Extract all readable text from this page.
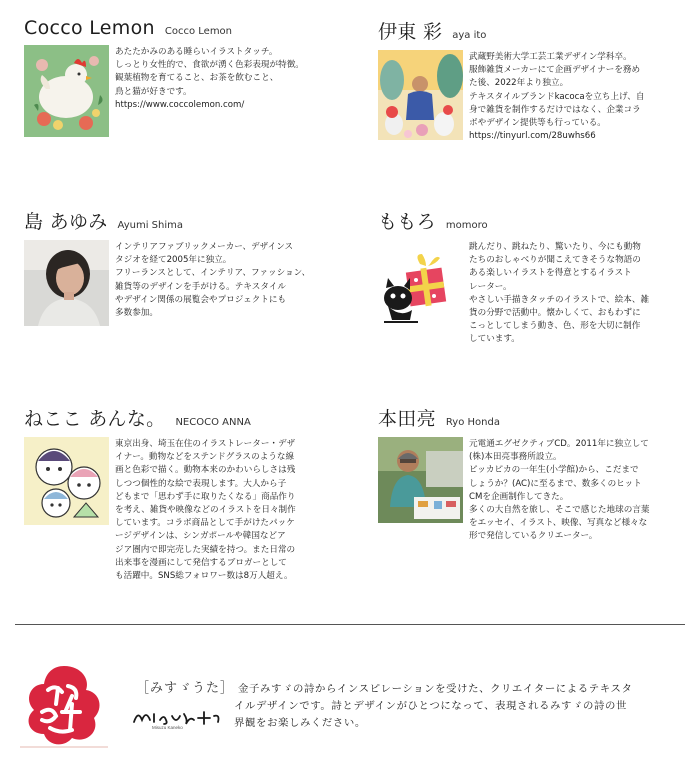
Cocco Lemon Cocco Lemon

あたたかみのある睡らいイラストタッチ。

しっとり女性的で、食欲が湧く色彩表現が特徴。

観葉植物を育てること、お茶を飲むこと、

鳥と猫が好きです。

https://www.coccolemon.com/

伊東 彩 aya ito

武蔵野美術大学工芸工業デザイン学科卒。

服飾雑貨メーカーにて企画デザイナーを務め

た後、2022年より独立。

テキスタイルブランドkacocaを立ち上げ、自

身で雑貨を制作するだけではなく、企業コラ

ボやデザイン提供等も行っている。

https://tinyurl.com/28uwhs66

島 あゆみ Ayumi Shima

インテリアファブリックメーカー、デザインス

タジオを経て2005年に独立。

フリーランスとして、インテリア、ファッション、

雑貨等のデザインを手がける。テキスタイル

やデザイン関係の展覧会やプロジェクトにも

多数参加。

ももろ momoro

跳んだり、跳ねたり、驚いたり、今にも動物

たちのおしゃべりが聞こえてきそうな物語の

ある楽しいイラストを得意とするイラスト

レーター。

やさしい手描きタッチのイラストで、絵本、雑

貨の分野で活動中。懐かしくて、おもわずに

こっとしてしまう動き、色、形を大切に制作

しています。

ねここ あんな。 NECOCO ANNA

東京出身、埼玉在住のイラストレーター・デザ

イナー。動物などをステンドグラスのような線

画と色彩で描く。動物本来のかわいらしさは残

しつつ個性的な絵で表現します。大人から子

どもまで「思わず手に取りたくなる」商品作り

を考え、雑貨や映像などのイラストを日々制作

しています。コラボ商品として手がけたパッケ

ージデザインは、シンガポールや韓国などア

ジア圏内で即完売した実績を持つ。また日常の

出来事を漫画にして発信するブロガーとして

も活躍中。SNS総フォロワー数は8万人超え。

本田亮 Ryo Honda

元電通エグゼクティブCD。2011年に独立して

(株)本田亮事務所設立。

ピッカピカの一年生(小学館)から、こだまで

しょうか？(AC)に至るまで、数多くのヒット

CMを企画制作してきた。

多くの大自然を旅し、そこで感じた地球の言葉

をエッセイ、イラスト、映像、写真など様々な

形で発信しているクリエーター。

［みすゞうた］ 金子みすゞの詩からインスピレーションを受けた、クリエイターによるテキスタ
イルデザインです。詩とデザインがひとつになって、表現されるみすゞの詩の世
界観をお楽しみください。
Misuzu Kaneko
